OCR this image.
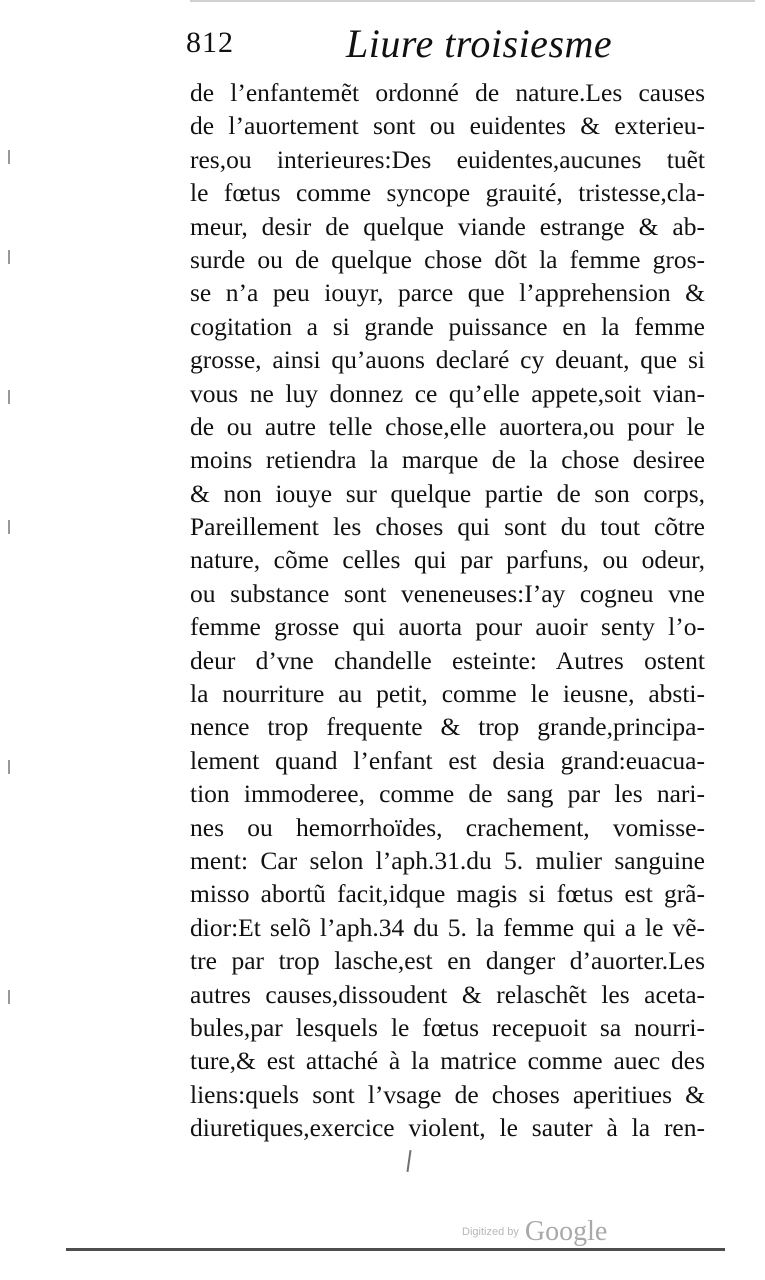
812	Liure troisiesme
de l’enfantemẽt ordonné de nature.Les causes
de l’auortement sont ou euidentes & exterieu-
res,ou interieures:Des euidentes,aucunes tuẽt
le fœtus comme syncope grauité, tristesse,cla-
meur, desir de quelque viande estrange & ab-
surde ou de quelque chose dõt la femme gros-
se n’a peu iouyr, parce que l’apprehension &
cogitation a si grande puissance en la femme
grosse, ainsi qu’auons declaré cy deuant, que si
vous ne luy donnez ce qu’elle appete,soit vian-
de ou autre telle chose,elle auortera,ou pour le
moins retiendra la marque de la chose desiree
& non iouye sur quelque partie de son corps,
Pareillement les choses qui sont du tout cõtre
nature, cõme celles qui par parfuns, ou odeur,
ou substance sont veneneuses:I’ay cogneu vne
femme grosse qui auorta pour auoir senty l’o-
deur d’vne chandelle esteinte: Autres ostent
la nourriture au petit, comme le ieusne, absti-
nence trop frequente & trop grande,principa-
lement quand l’enfant est desia grand:euacua-
tion immoderee, comme de sang par les nari-
nes ou hemorrhoïdes, crachement, vomisse-
ment: Car selon l’aph.31.du 5. mulier sanguine
misso abortũ facit,idque magis si fœtus est grã-
dior:Et selõ l’aph.34 du 5. la femme qui a le vẽ-
tre par trop lasche,est en danger d’auorter.Les
autres causes,dissoudent & relaschẽt les aceta-
bules,par lesquels le fœtus recepuoit sa nourri-
ture,& est attaché à la matrice comme auec des
liens:quels sont l’vsage de choses aperitiues &
diuretiques,exercice violent, le sauter à la ren-
Digitized by Google
